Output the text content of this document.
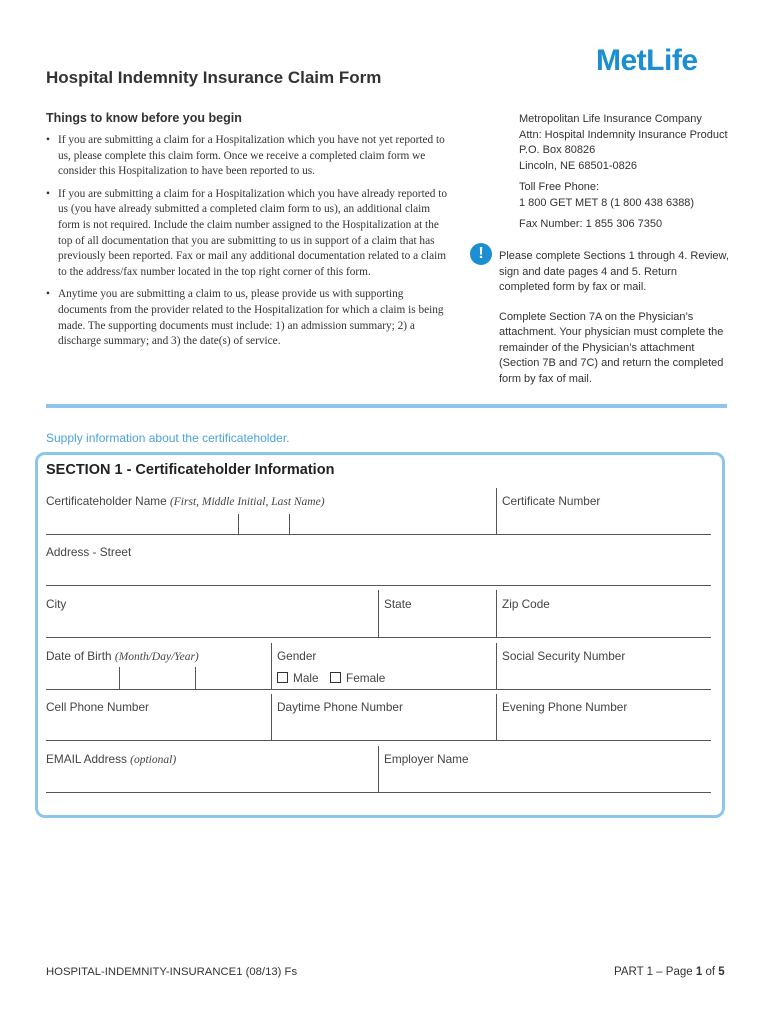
Hospital Indemnity Insurance Claim Form
MetLife
Things to know before you begin
• If you are submitting a claim for a Hospitalization which you have not yet reported to us, please complete this claim form. Once we receive a completed claim form we consider this Hospitalization to have been reported to us.
• If you are submitting a claim for a Hospitalization which you have already reported to us (you have already submitted a completed claim form to us), an additional claim form is not required. Include the claim number assigned to the Hospitalization at the top of all documentation that you are submitting to us in support of a claim that has previously been reported. Fax or mail any additional documentation related to a claim to the address/fax number located in the top right corner of this form.
• Anytime you are submitting a claim to us, please provide us with supporting documents from the provider related to the Hospitalization for which a claim is being made. The supporting documents must include: 1) an admission summary; 2) a discharge summary; and 3) the date(s) of service.
Metropolitan Life Insurance Company
Attn: Hospital Indemnity Insurance Product
P.O. Box 80826
Lincoln, NE 68501-0826
Toll Free Phone:
1 800 GET MET 8 (1 800 438 6388)
Fax Number: 1 855 306 7350
!	Please complete Sections 1 through 4. Review, sign and date pages 4 and 5. Return completed form by fax or mail.

Complete Section 7A on the Physician’s attachment. Your physician must complete the remainder of the Physician’s attachment (Section 7B and 7C) and return the completed form by fax of mail.

Supply information about the certificateholder.
SECTION 1 - Certificateholder Information
Certificateholder Name (First, Middle Initial, Last Name)	Certificate Number
Address - Street
City	State	Zip Code
Date of Birth (Month/Day/Year)	Gender	Social Security Number
Male	Female
Cell Phone Number	Daytime Phone Number	Evening Phone Number
EMAIL Address (optional)	Employer Name
HOSPITAL-INDEMNITY-INSURANCE1 (08/13) Fs	PART 1 – Page 1 of 5
